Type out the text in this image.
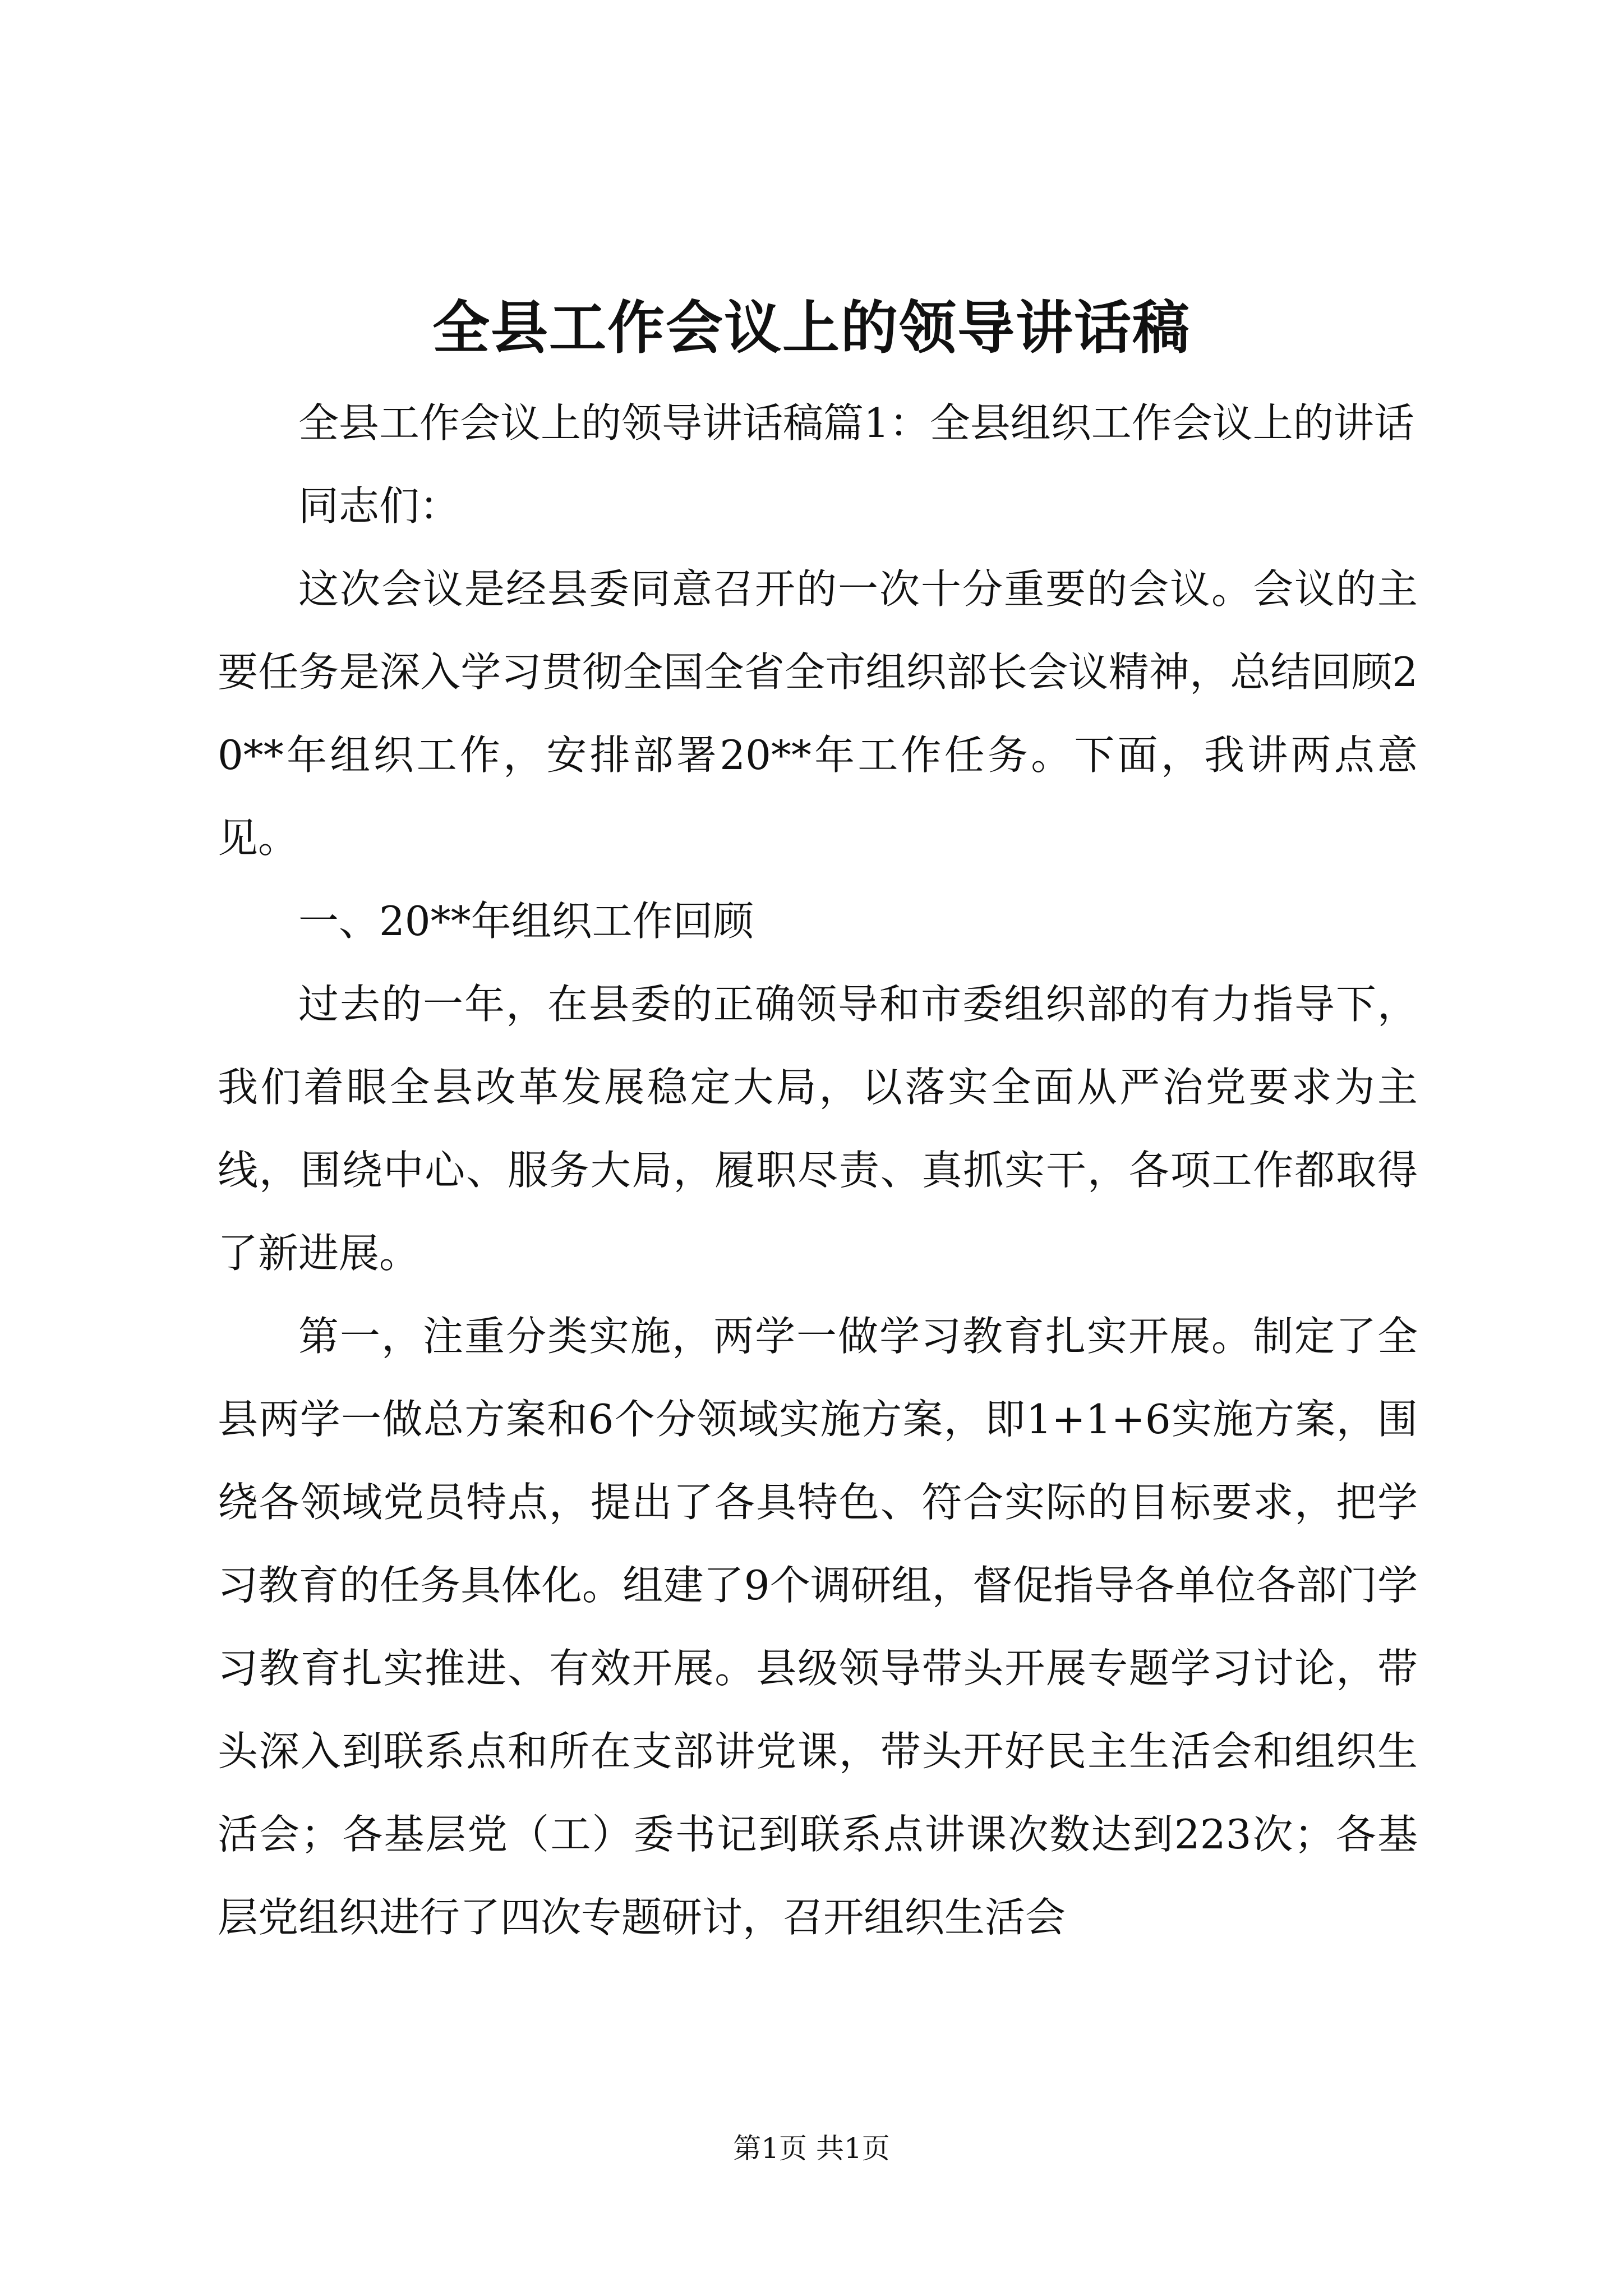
全县工作会议上的领导讲话稿

全县工作会议上的领导讲话稿篇1：全县组织工作会议上的讲话

同志们：

这次会议是经县委同意召开的一次十分重要的会议。会议的主要任务是深入学习贯彻全国全省全市组织部长会议精神，总结回顾20**年组织工作，安排部署20**年工作任务。下面，我讲两点意见。

一、20**年组织工作回顾

过去的一年，在县委的正确领导和市委组织部的有力指导下，我们着眼全县改革发展稳定大局，以落实全面从严治党要求为主线，围绕中心、服务大局，履职尽责、真抓实干，各项工作都取得了新进展。

第一，注重分类实施，两学一做学习教育扎实开展。制定了全县两学一做总方案和6个分领域实施方案，即1+1+6实施方案，围绕各领域党员特点，提出了各具特色、符合实际的目标要求，把学习教育的任务具体化。组建了9个调研组，督促指导各单位各部门学习教育扎实推进、有效开展。县级领导带头开展专题学习讨论，带头深入到联系点和所在支部讲党课，带头开好民主生活会和组织生活会；各基层党（工）委书记到联系点讲课次数达到223次；各基层党组织进行了四次专题研讨，召开组织生活会

第1页 共1页
